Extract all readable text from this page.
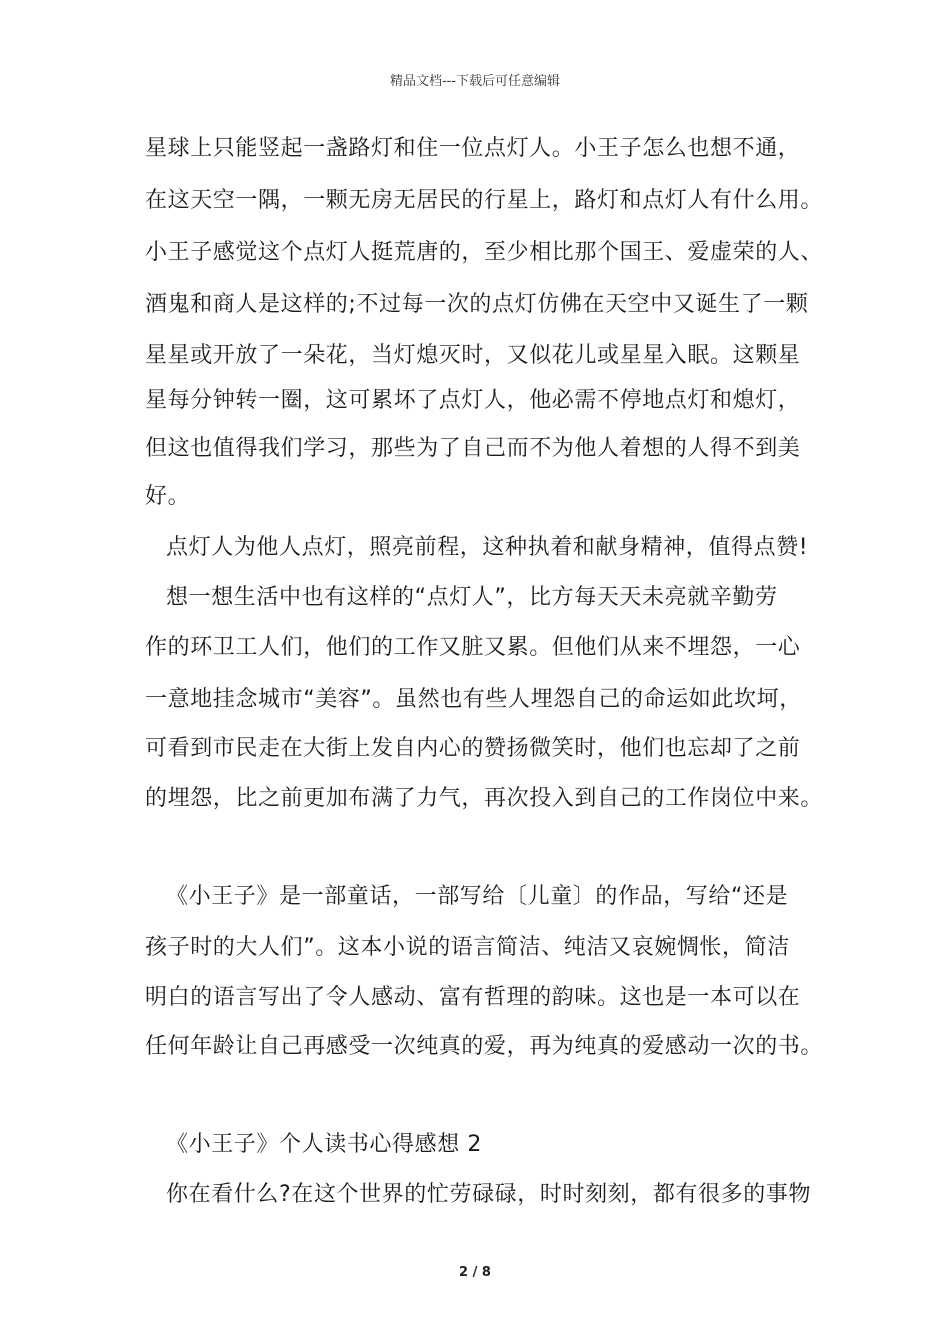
精品文档---下载后可任意编辑
星球上只能竖起一盏路灯和住一位点灯人。小王子怎么也想不通，
在这天空一隅，一颗无房无居民的行星上，路灯和点灯人有什么用。
小王子感觉这个点灯人挺荒唐的，至少相比那个国王、爱虚荣的人、
酒鬼和商人是这样的;不过每一次的点灯仿佛在天空中又诞生了一颗
星星或开放了一朵花，当灯熄灭时，又似花儿或星星入眠。这颗星
星每分钟转一圈，这可累坏了点灯人，他必需不停地点灯和熄灯，
但这也值得我们学习，那些为了自己而不为他人着想的人得不到美
好。
点灯人为他人点灯，照亮前程，这种执着和献身精神，值得点赞!
想一想生活中也有这样的“点灯人”，比方每天天未亮就辛勤劳
作的环卫工人们，他们的工作又脏又累。但他们从来不埋怨，一心
一意地挂念城市“美容”。虽然也有些人埋怨自己的命运如此坎坷，
可看到市民走在大街上发自内心的赞扬微笑时，他们也忘却了之前
的埋怨，比之前更加布满了力气，再次投入到自己的工作岗位中来。
《小王子》是一部童话，一部写给〔儿童〕的作品，写给“还是
孩子时的大人们”。这本小说的语言简洁、纯洁又哀婉惆怅，简洁
明白的语言写出了令人感动、富有哲理的韵味。这也是一本可以在
任何年龄让自己再感受一次纯真的爱，再为纯真的爱感动一次的书。
《小王子》个人读书心得感想 2
你在看什么?在这个世界的忙劳碌碌，时时刻刻，都有很多的事物
2 / 8
